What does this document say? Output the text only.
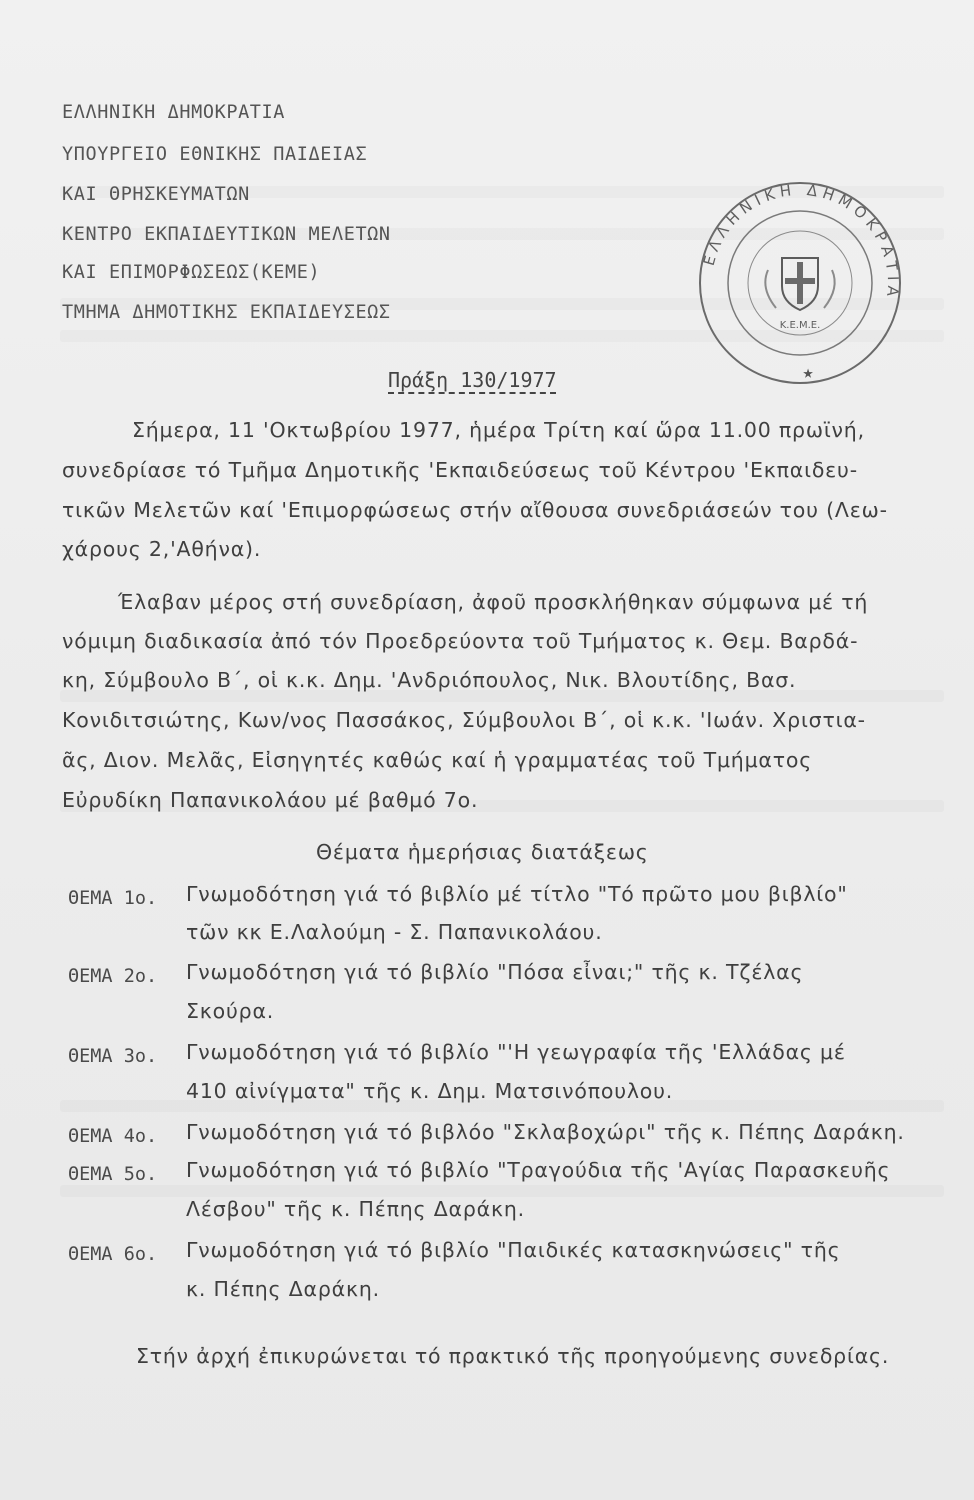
ΕΛΛΗΝΙΚΗ ΔΗΜΟΚΡΑΤΙΑ
ΥΠΟΥΡΓΕΙΟ ΕΘΝΙΚΗΣ ΠΑΙΔΕΙΑΣ
ΚΑΙ ΘΡΗΣΚΕΥΜΑΤΩΝ
ΚΕΝΤΡΟ ΕΚΠΑΙΔΕΥΤΙΚΩΝ ΜΕΛΕΤΩΝ
ΚΑΙ ΕΠΙΜΟΡΦΩΣΕΩΣ(ΚΕΜΕ)
ΤΜΗΜΑ ΔΗΜΟΤΙΚΗΣ ΕΚΠΑΙΔΕΥΣΕΩΣ
ΕΛΛΗΝΙΚΗ ΔΗΜΟΚΡΑΤΙΑ
Κ.Ε.Μ.Ε.
★
Πράξη 130/1977
Σήμερα, 11 'Οκτωβρίου 1977, ἡμέρα Τρίτη καί ὥρα 11.00 πρωϊνή,
συνεδρίασε τό Τμῆμα Δημοτικῆς 'Εκπαιδεύσεως τοῦ Κέντρου 'Εκπαιδευ-
τικῶν Μελετῶν καί 'Επιμορφώσεως στήν αἴθουσα συνεδριάσεών του (Λεω-
χάρους 2,'Αθήνα).
Έλαβαν μέρος στή συνεδρίαση, ἀφοῦ προσκλήθηκαν σύμφωνα μέ τή
νόμιμη διαδικασία ἀπό τόν Προεδρεύοντα τοῦ Τμήματος κ. Θεμ. Βαρδά-
κη, Σύμβουλο Β΄, οἱ κ.κ. Δημ. 'Ανδριόπουλος, Νικ. Βλουτίδης, Βασ.
Κονιδιτσιώτης, Κων/νος Πασσάκος, Σύμβουλοι Β΄, οἱ κ.κ. 'Ιωάν. Χριστια-
ᾶς, Διον. Μελᾶς, Εἰσηγητές καθώς καί ἡ γραμματέας τοῦ Τμήματος
Εὐρυδίκη Παπανικολάου μέ βαθμό 7ο.
Θέματα ἡμερήσιας διατάξεως
ΘΕΜΑ 1ο. Γνωμοδότηση γιά τό βιβλίο μέ τίτλο "Τό πρῶτο μου βιβλίο"
τῶν κκ Ε.Λαλούμη - Σ. Παπανικολάου.
ΘΕΜΑ 2ο. Γνωμοδότηση γιά τό βιβλίο "Πόσα εἶναι;" τῆς κ. Τζέλας
Σκούρα.
ΘΕΜΑ 3ο. Γνωμοδότηση γιά τό βιβλίο "'Η γεωγραφία τῆς 'Ελλάδας μέ
410 αἰνίγματα" τῆς κ. Δημ. Ματσινόπουλου.
ΘΕΜΑ 4ο. Γνωμοδότηση γιά τό βιβλόο "Σκλαβοχώρι" τῆς κ. Πέπης Δαράκη.
ΘΕΜΑ 5ο. Γνωμοδότηση γιά τό βιβλίο "Τραγούδια τῆς 'Αγίας Παρασκευῆς
Λέσβου" τῆς κ. Πέπης Δαράκη.
ΘΕΜΑ 6ο. Γνωμοδότηση γιά τό βιβλίο "Παιδικές κατασκηνώσεις" τῆς
κ. Πέπης Δαράκη.
Στήν ἀρχή ἐπικυρώνεται τό πρακτικό τῆς προηγούμενης συνεδρίας.
